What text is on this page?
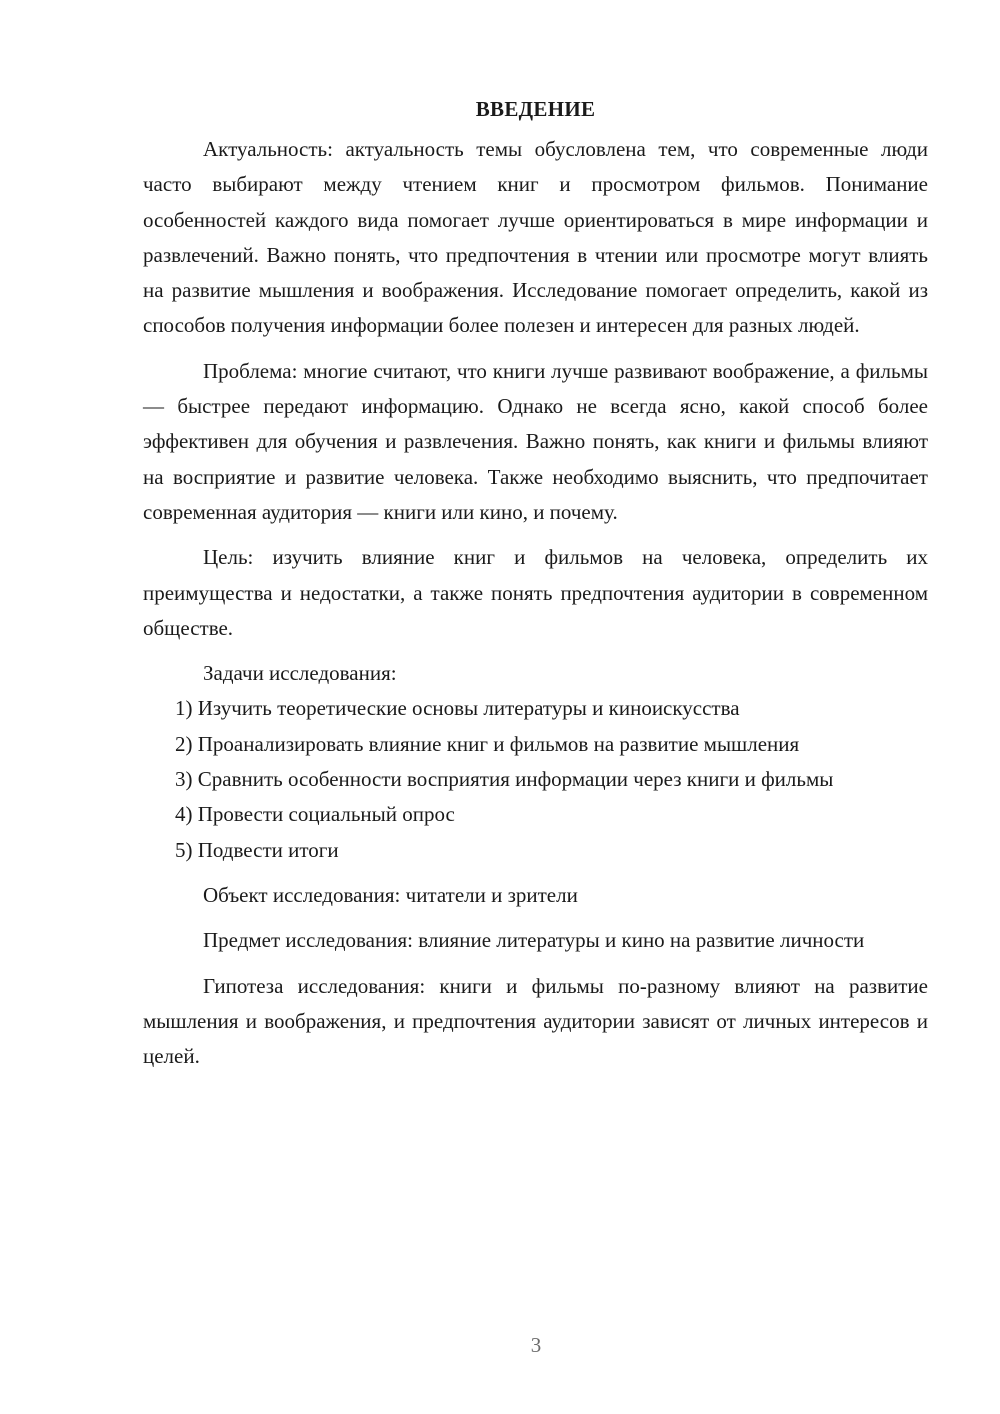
ВВЕДЕНИЕ

Актуальность: актуальность темы обусловлена тем, что современные люди часто выбирают между чтением книг и просмотром фильмов. Понимание особенностей каждого вида помогает лучше ориентироваться в мире информации и развлечений. Важно понять, что предпочтения в чтении или просмотре могут влиять на развитие мышления и воображения. Исследование помогает определить, какой из способов получения информации более полезен и интересен для разных людей.

Проблема: многие считают, что книги лучше развивают воображение, а фильмы — быстрее передают информацию. Однако не всегда ясно, какой способ более эффективен для обучения и развлечения. Важно понять, как книги и фильмы влияют на восприятие и развитие человека. Также необходимо выяснить, что предпочитает современная аудитория — книги или кино, и почему.

Цель: изучить влияние книг и фильмов на человека, определить их преимущества и недостатки, а также понять предпочтения аудитории в современном обществе.

Задачи исследования:

1) Изучить теоретические основы литературы и киноискусства

2) Проанализировать влияние книг и фильмов на развитие мышления

3) Сравнить особенности восприятия информации через книги и фильмы

4) Провести социальный опрос

5) Подвести итоги

Объект исследования: читатели и зрители

Предмет исследования: влияние литературы и кино на развитие личности

Гипотеза исследования: книги и фильмы по-разному влияют на развитие мышления и воображения, и предпочтения аудитории зависят от личных интересов и целей.

3
